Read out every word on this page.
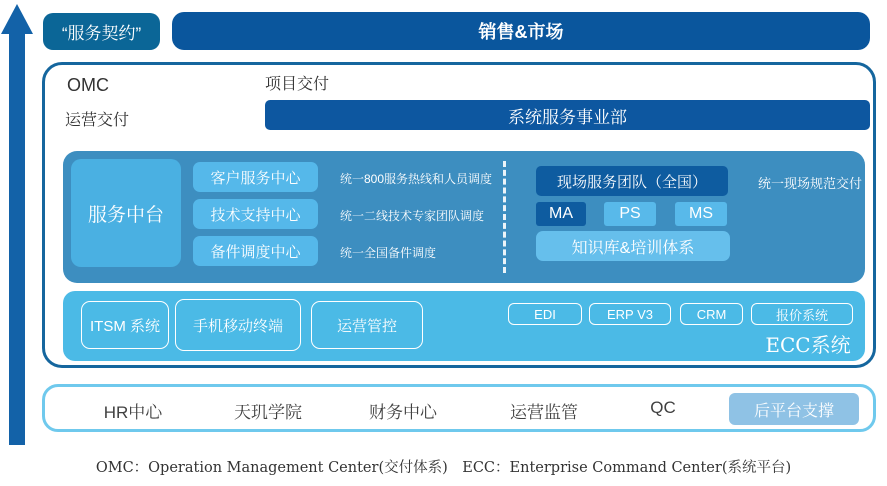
“服务契约”	销售&市场
OMC	项目交付
运营交付	系统服务事业部
服务中台
客户服务中心
技术支持中心
备件调度中心
统一800服务热线和人员调度
统一二线技术专家团队调度
统一全国备件调度
现场服务团队（全国）
MA	PS	MS
知识库&培训体系
统一现场规范交付
ITSM 系统 手机移动终端	运营管控
EDI	ERP V3	CRM	报价系统
ECC系统
HR中心	天玑学院	财务中心	运营监管	QC	后平台支撑
OMC：Operation Management Center(交付体系)　ECC：Enterprise Command Center(系统平台)
